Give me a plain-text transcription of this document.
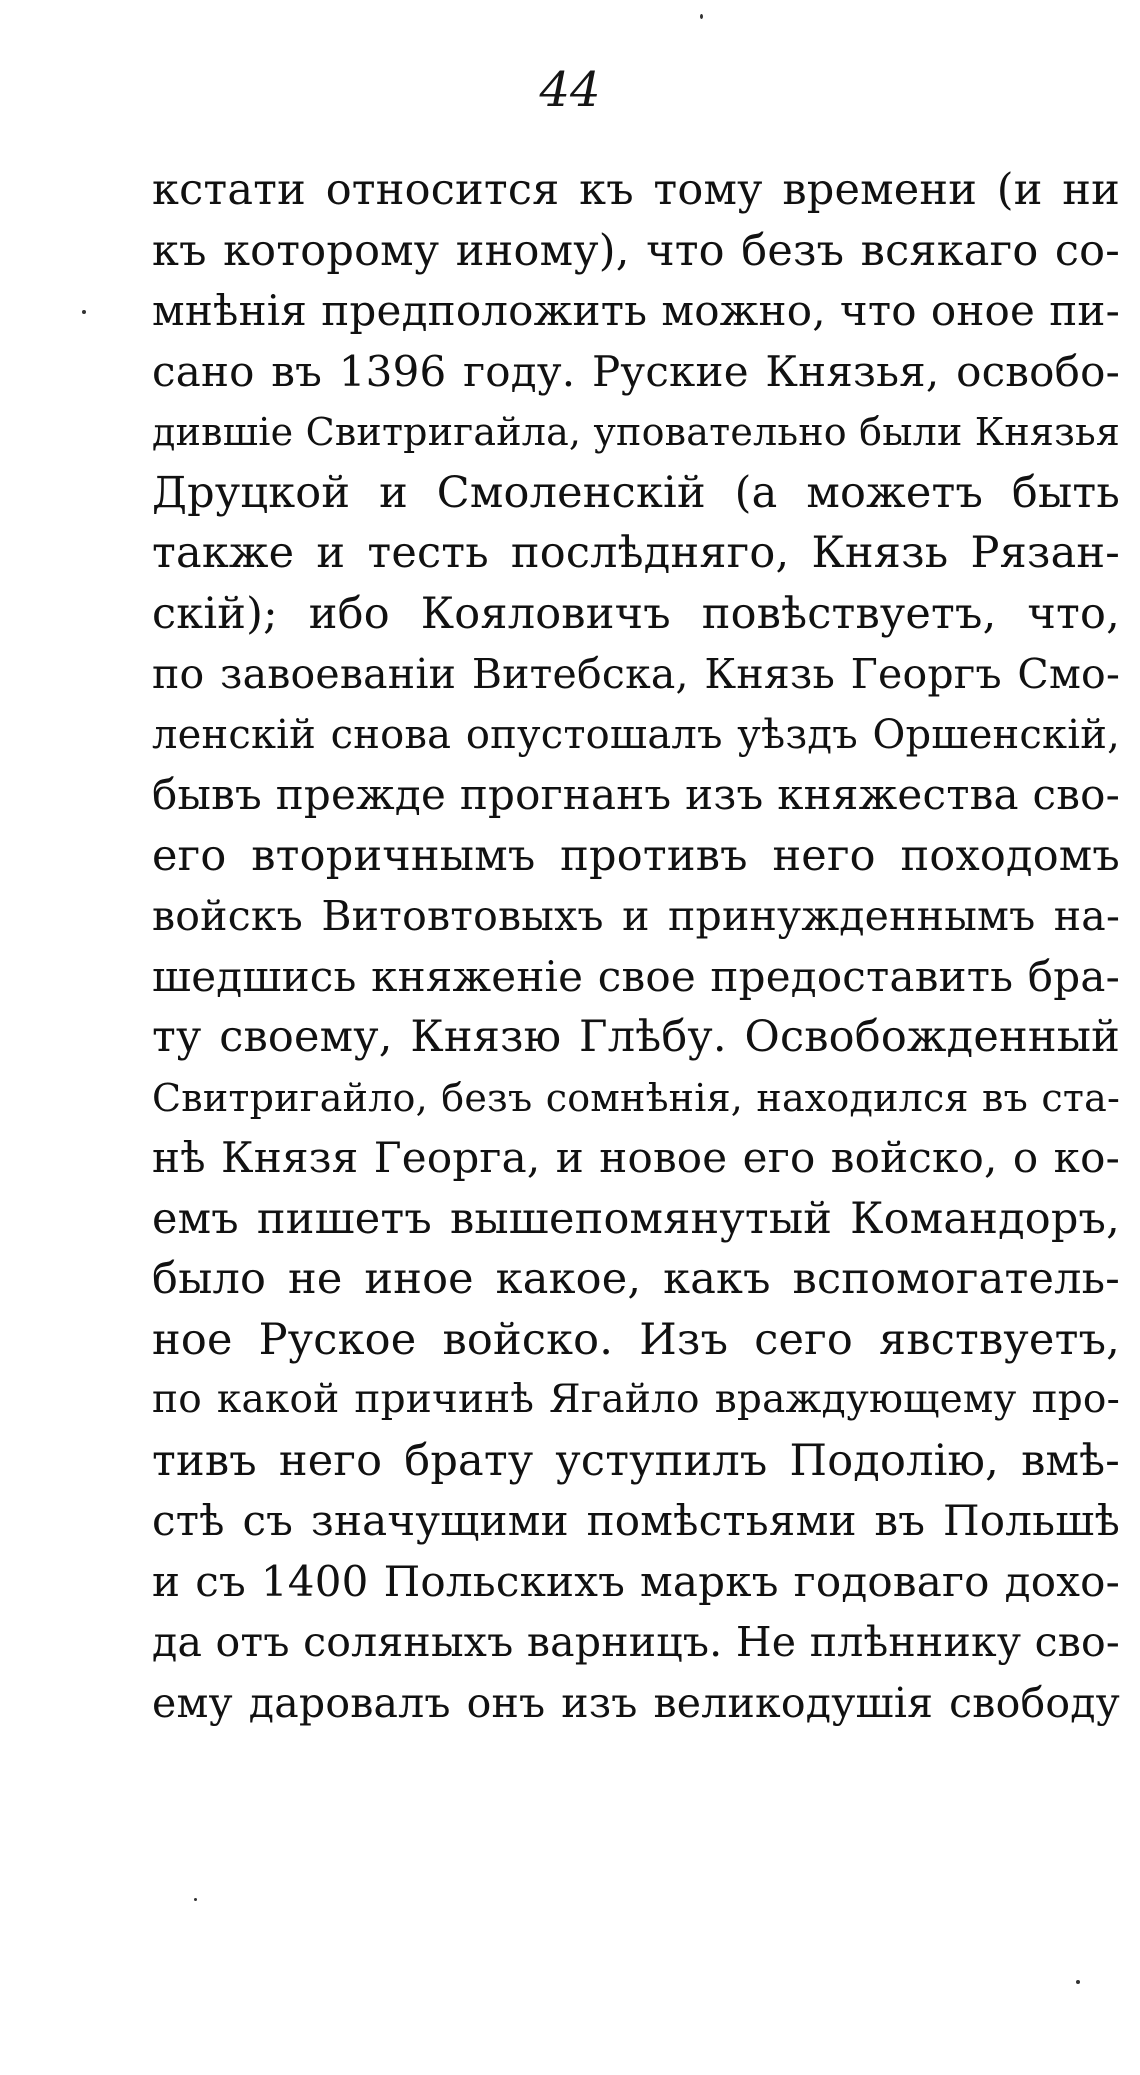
44
кстати относится къ тому времени (и ни
къ которому иному), что безъ всякаго со-
мнѣнія предположить можно, что оное пи-
сано въ 1396 году. Руские Князья, освобо-
дившіе Свитригайла, уповательно были Князья
Друцкой и Смоленскій (а можетъ быть
также и тесть послѣдняго, Князь Рязан-
скій); ибо Кояловичъ повѣствуетъ, что,
по завоеваніи Витебска, Князь Георгъ Смо-
ленскій снова опустошалъ уѣздъ Оршенскій,
бывъ прежде прогнанъ изъ княжества сво-
его вторичнымъ противъ него походомъ
войскъ Витовтовыхъ и принужденнымъ на-
шедшись княженіе свое предоставить бра-
ту своему, Князю Глѣбу. Освобожденный
Свитригайло, безъ сомнѣнія, находился въ ста-
нѣ Князя Георга, и новое его войско, о ко-
емъ пишетъ вышепомянутый Командоръ,
было не иное какое, какъ вспомогатель-
ное Руское войско. Изъ сего явствуетъ,
по какой причинѣ Ягайло враждующему про-
тивъ него брату уступилъ Подолію, вмѣ-
стѣ съ значущими помѣстьями въ Польшѣ
и съ 1400 Польскихъ маркъ годоваго дохо-
да отъ соляныхъ варницъ. Не плѣннику сво-
ему даровалъ онъ изъ великодушія свободу
